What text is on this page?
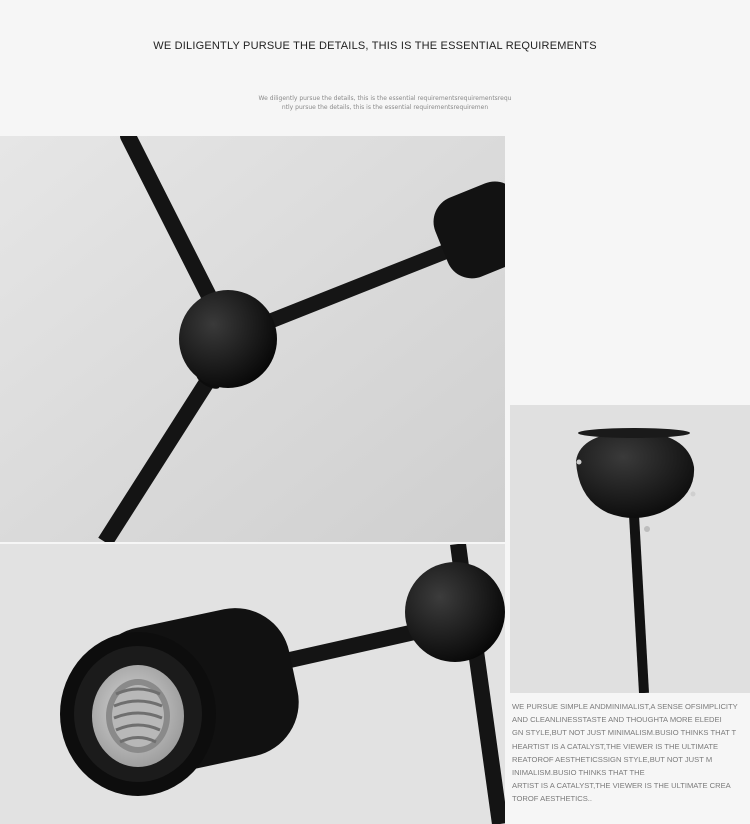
WE DILIGENTLY PURSUE THE DETAILS, THIS IS THE ESSENTIAL REQUIREMENTS
We diligently pursue the details, this is the essential requirementsrequirementsrequ
ntly pursue the details, this is the essential requirementsrequiremen
WE PURSUE SIMPLE ANDMINIMALIST,A SENSE OFSIMPLICITY
AND CLEANLINESSTASTE AND THOUGHTA MORE ELEDEI
GN STYLE,BUT NOT JUST MINIMALISM.BUSIO THINKS THAT T
HEARTIST IS A CATALYST,THE VIEWER IS THE ULTIMATE
REATOROF AESTHETICSSIGN STYLE,BUT NOT JUST M
INIMALISM.BUSIO THINKS THAT THE
ARTIST IS A CATALYST,THE VIEWER IS THE ULTIMATE CREA
TOROF AESTHETICS..
